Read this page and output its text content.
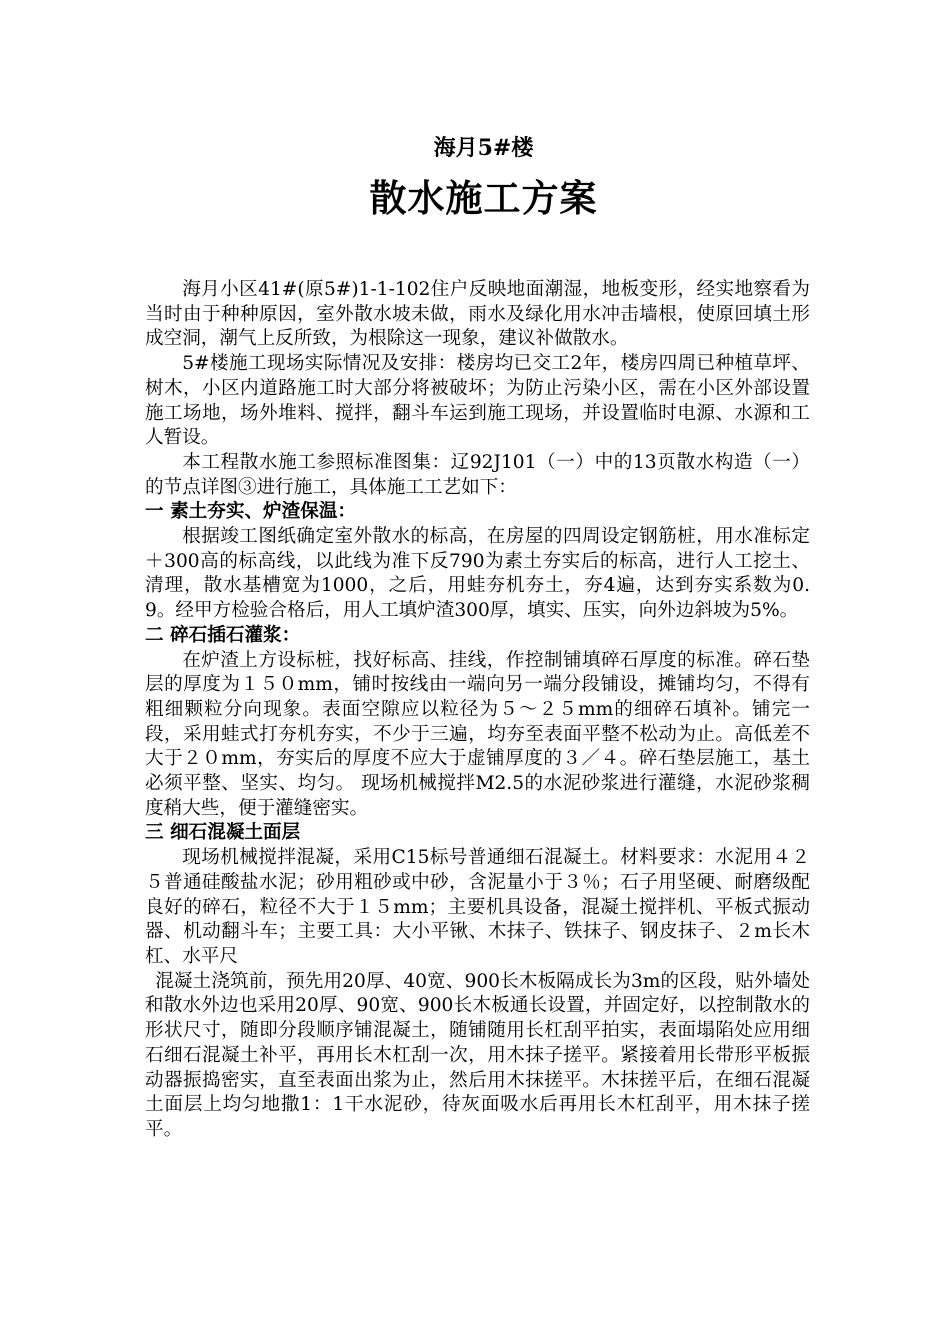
海月5#楼

散水施工方案

海月小区41#(原5#)1-1-102住户反映地面潮湿，地板变形，经实地察看为当时由于种种原因，室外散水坡未做，雨水及绿化用水冲击墙根，使原回填土形成空洞，潮气上反所致，为根除这一现象，建议补做散水。

5#楼施工现场实际情况及安排：楼房均已交工2年，楼房四周已种植草坪、树木，小区内道路施工时大部分将被破坏；为防止污染小区，需在小区外部设置施工场地，场外堆料、搅拌，翻斗车运到施工现场，并设置临时电源、水源和工人暂设。

本工程散水施工参照标准图集：辽92J101（一）中的13页散水构造（一）的节点详图③进行施工，具体施工工艺如下：

一 素土夯实、炉渣保温：

根据竣工图纸确定室外散水的标高，在房屋的四周设定钢筋桩，用水准标定＋300高的标高线，以此线为准下反790为素土夯实后的标高，进行人工挖土、清理，散水基槽宽为1000，之后，用蛙夯机夯土，夯4遍，达到夯实系数为0.9。经甲方检验合格后，用人工填炉渣300厚，填实、压实，向外边斜坡为5%。

二 碎石插石灌浆：

在炉渣上方设标桩，找好标高、挂线，作控制铺填碎石厚度的标准。碎石垫层的厚度为１５０mm，铺时按线由一端向另一端分段铺设，摊铺均匀，不得有粗细颗粒分向现象。表面空隙应以粒径为５～２５mm的细碎石填补。铺完一段，采用蛙式打夯机夯实，不少于三遍，均夯至表面平整不松动为止。高低差不大于２０mm，夯实后的厚度不应大于虚铺厚度的３／４。碎石垫层施工，基土必须平整、坚实、均匀。 现场机械搅拌M2.5的水泥砂浆进行灌缝，水泥砂浆稠度稍大些，便于灌缝密实。

三 细石混凝土面层

现场机械搅拌混凝，采用C15标号普通细石混凝土。材料要求：水泥用４２５普通硅酸盐水泥；砂用粗砂或中砂，含泥量小于３％；石子用坚硬、耐磨级配良好的碎石，粒径不大于１５mm；主要机具设备，混凝土搅拌机、平板式振动器、机动翻斗车；主要工具：大小平锹、木抹子、铁抹子、钢皮抹子、２m长木杠、水平尺

混凝土浇筑前，预先用20厚、40宽、900长木板隔成长为3m的区段，贴外墙处和散水外边也采用20厚、90宽、900长木板通长设置，并固定好，以控制散水的形状尺寸，随即分段顺序铺混凝土，随铺随用长杠刮平拍实，表面塌陷处应用细石细石混凝土补平，再用长木杠刮一次，用木抹子搓平。紧接着用长带形平板振动器振捣密实，直至表面出浆为止，然后用木抹搓平。木抹搓平后，在细石混凝土面层上均匀地撒1：1干水泥砂，待灰面吸水后再用长木杠刮平，用木抹子搓平。
